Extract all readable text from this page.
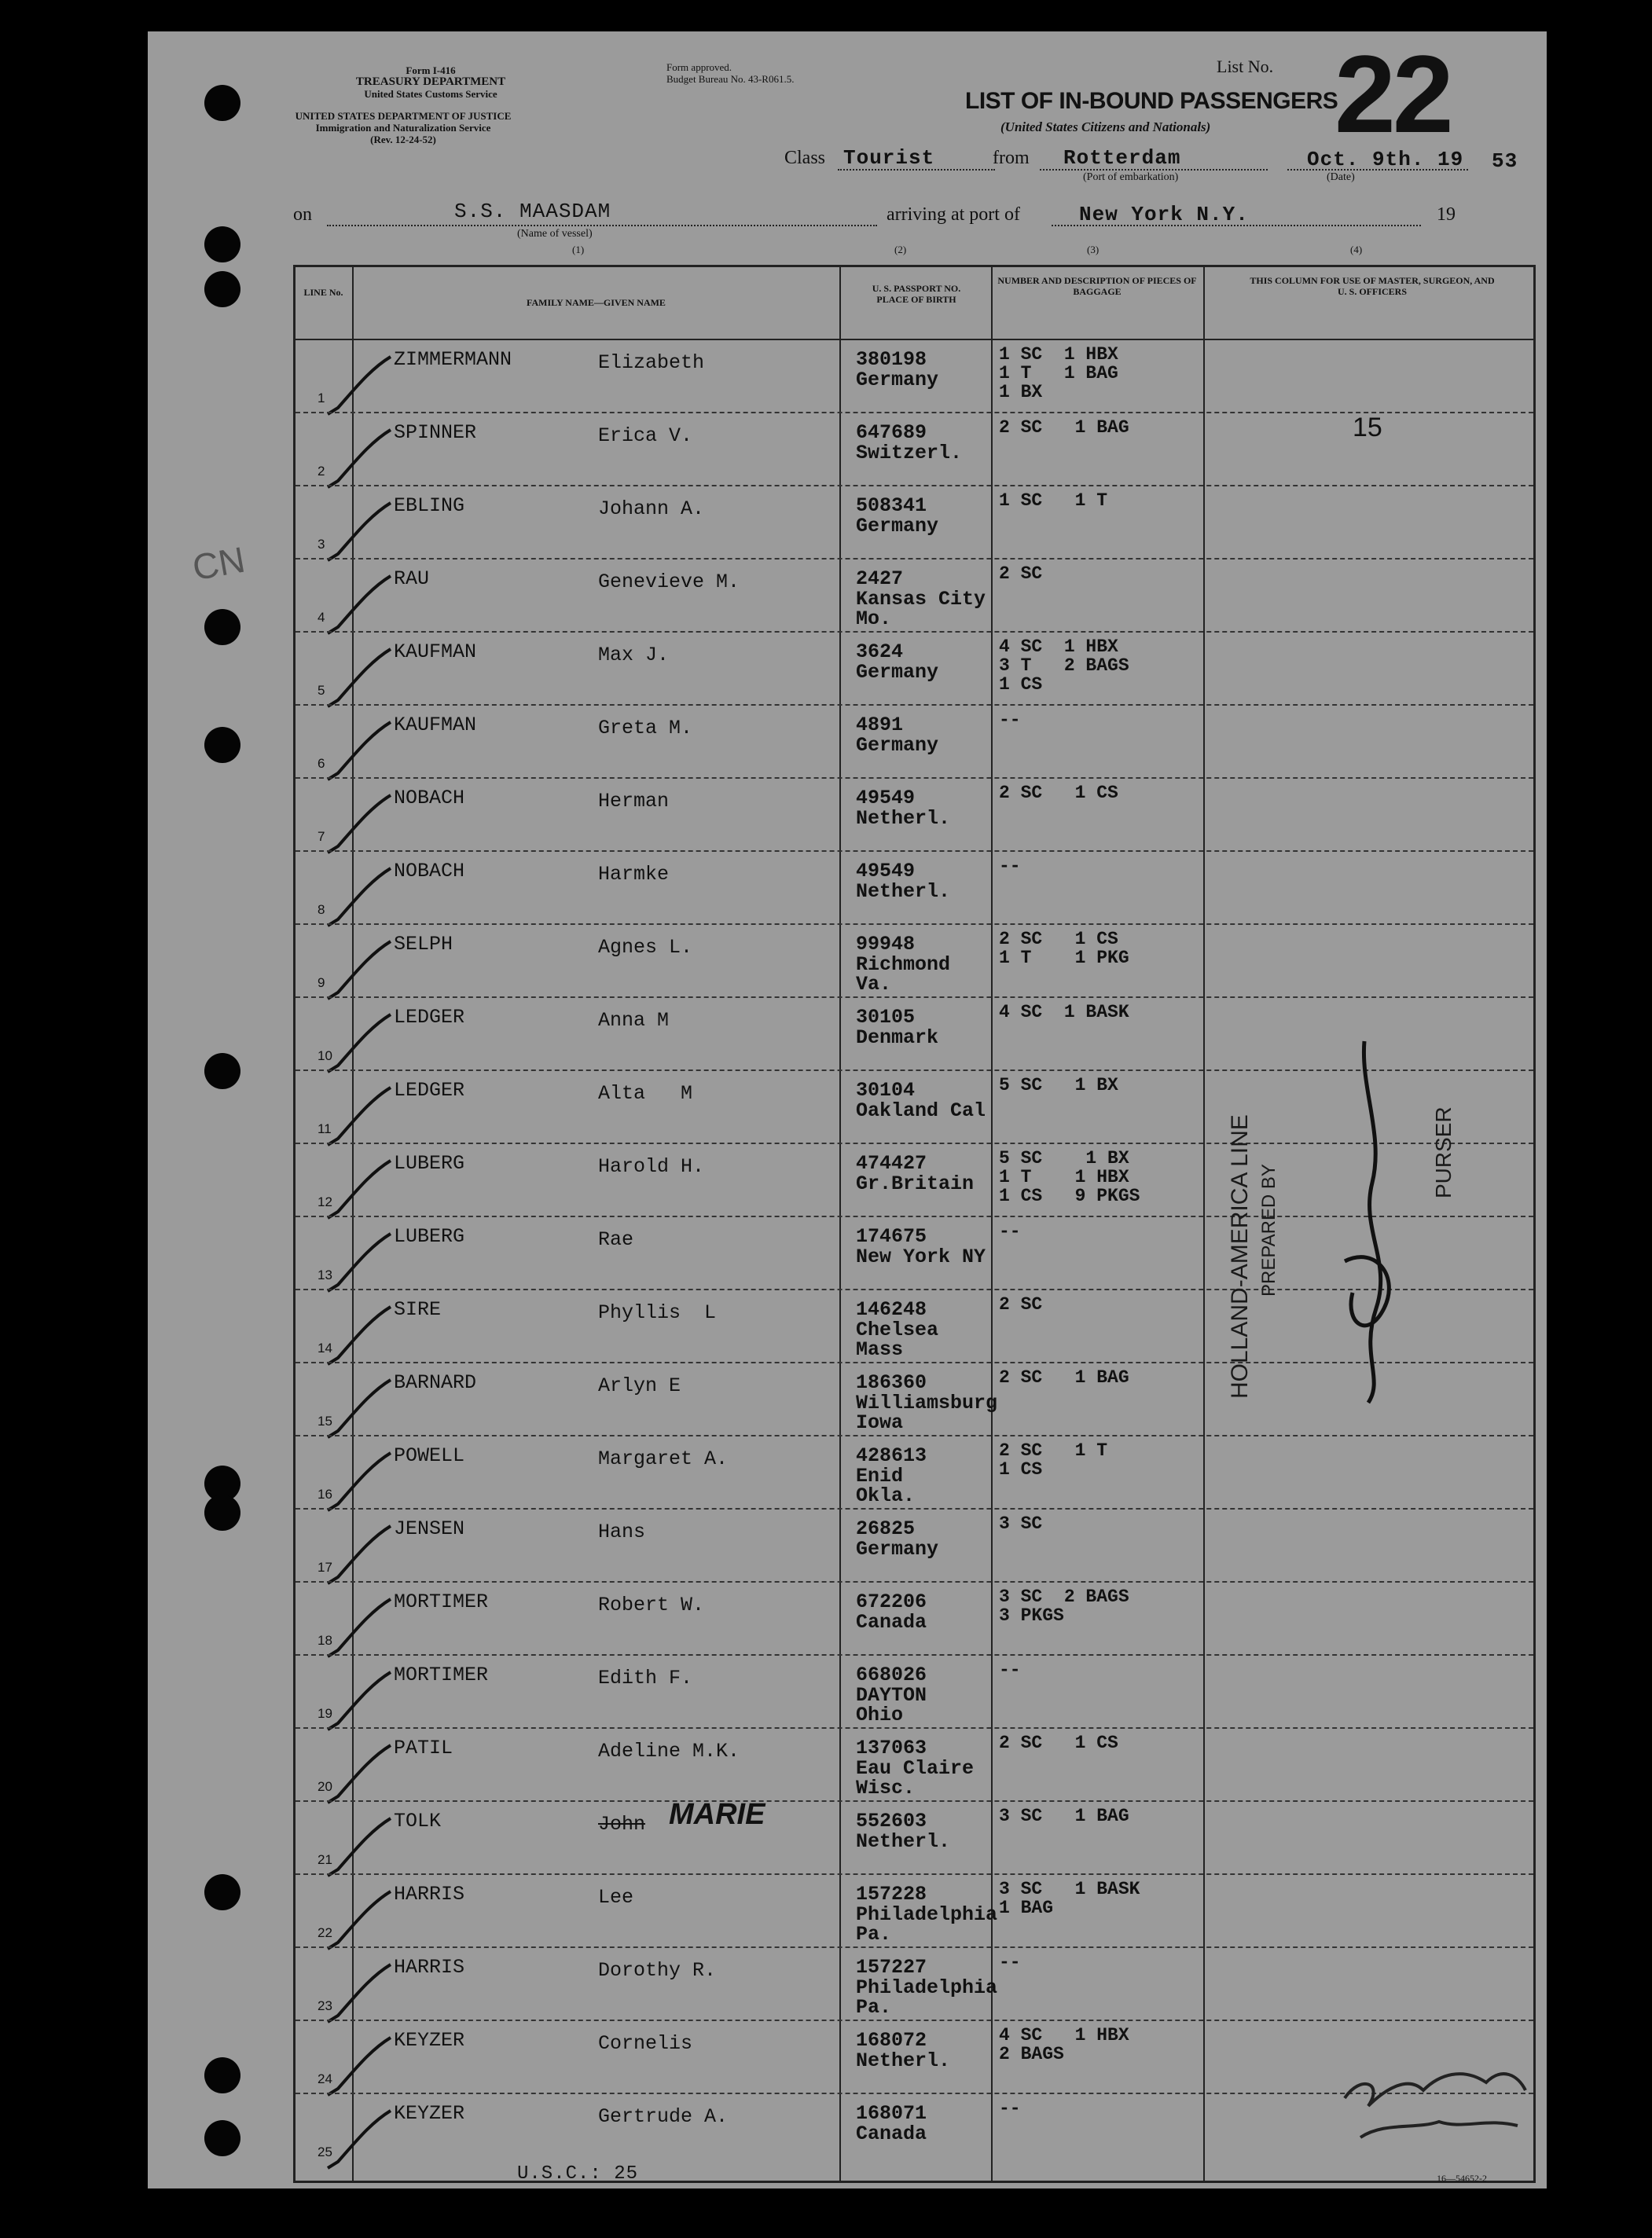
Form I-416
TREASURY DEPARTMENT
United States Customs Service
UNITED STATES DEPARTMENT OF JUSTICE
Immigration and Naturalization Service
(Rev. 12-24-52)
Form approved.
Budget Bureau No. 43-R061.5.
List No. 22
LIST OF IN-BOUND PASSENGERS
(United States Citizens and Nationals)
Class Tourist	from Rotterdam
(Port of embarkation)
Oct. 9th. 19
(Date)
53
on	S.S. MAASDAM
(Name of vessel)
arriving at port of	New York N.Y.	19
(1)	(2)	(3)	(4)
LINE No.
FAMILY NAME—GIVEN NAME
U. S. PASSPORT NO. PLACE OF BIRTH
NUMBER AND DESCRIPTION OF PIECES OF BAGGAGE
THIS COLUMN FOR USE OF MASTER, SURGEON, AND U. S. OFFICERS
1
ZIMMERMANN	Elizabeth	380198
Germany
1 SC  1 HBX
1 T   1 BAG
1 BX
2
SPINNER	Erica V.	647689
Switzerl.
2 SC   1 BAG
3
EBLING	Johann A.	508341
Germany
1 SC   1 T
4
RAU	Genevieve M.	2427
Kansas City
Mo.
2 SC
5
KAUFMAN	Max J.	3624
Germany
4 SC  1 HBX
3 T   2 BAGS
1 CS
6
KAUFMAN	Greta M.	4891
Germany
--
7
NOBACH	Herman	49549
Netherl.
2 SC   1 CS
8
NOBACH	Harmke	49549
Netherl.
--
9
SELPH	Agnes L.	99948
Richmond
Va.
2 SC   1 CS
1 T    1 PKG
10
LEDGER	Anna M	30105
Denmark
4 SC  1 BASK
11
LEDGER	Alta   M	30104
Oakland Cal
5 SC   1 BX
12
LUBERG	Harold H.	474427
Gr.Britain
5 SC    1 BX
1 T    1 HBX
1 CS   9 PKGS
13
LUBERG	Rae	174675
New York NY
--
14
SIRE	Phyllis  L	146248
Chelsea
Mass
2 SC
15
BARNARD	Arlyn E	186360
Williamsburg
Iowa
2 SC   1 BAG
16
POWELL	Margaret A.	428613
Enid
Okla.
2 SC   1 T
1 CS
17
JENSEN	Hans	26825
Germany
3 SC
18
MORTIMER	Robert W.	672206
Canada
3 SC  2 BAGS
3 PKGS
19
MORTIMER	Edith F.	668026
DAYTON
Ohio
--
20
PATIL	Adeline M.K.	137063
Eau Claire
Wisc.
2 SC   1 CS
21
TOLK	John MARIE	552603
Netherl.
3 SC   1 BAG
22
HARRIS	Lee	157228
Philadelphia
Pa.
3 SC   1 BASK
1 BAG
23
HARRIS	Dorothy R.	157227
Philadelphia
Pa.
--
24
KEYZER	Cornelis	168072
Netherl.
4 SC   1 HBX
2 BAGS
25
KEYZER	Gertrude A.	168071
Canada
--
HOLLAND-AMERICA LINE PREPARED BY
PURSER
15
CN
U.S.C.: 25	16—54652-2
